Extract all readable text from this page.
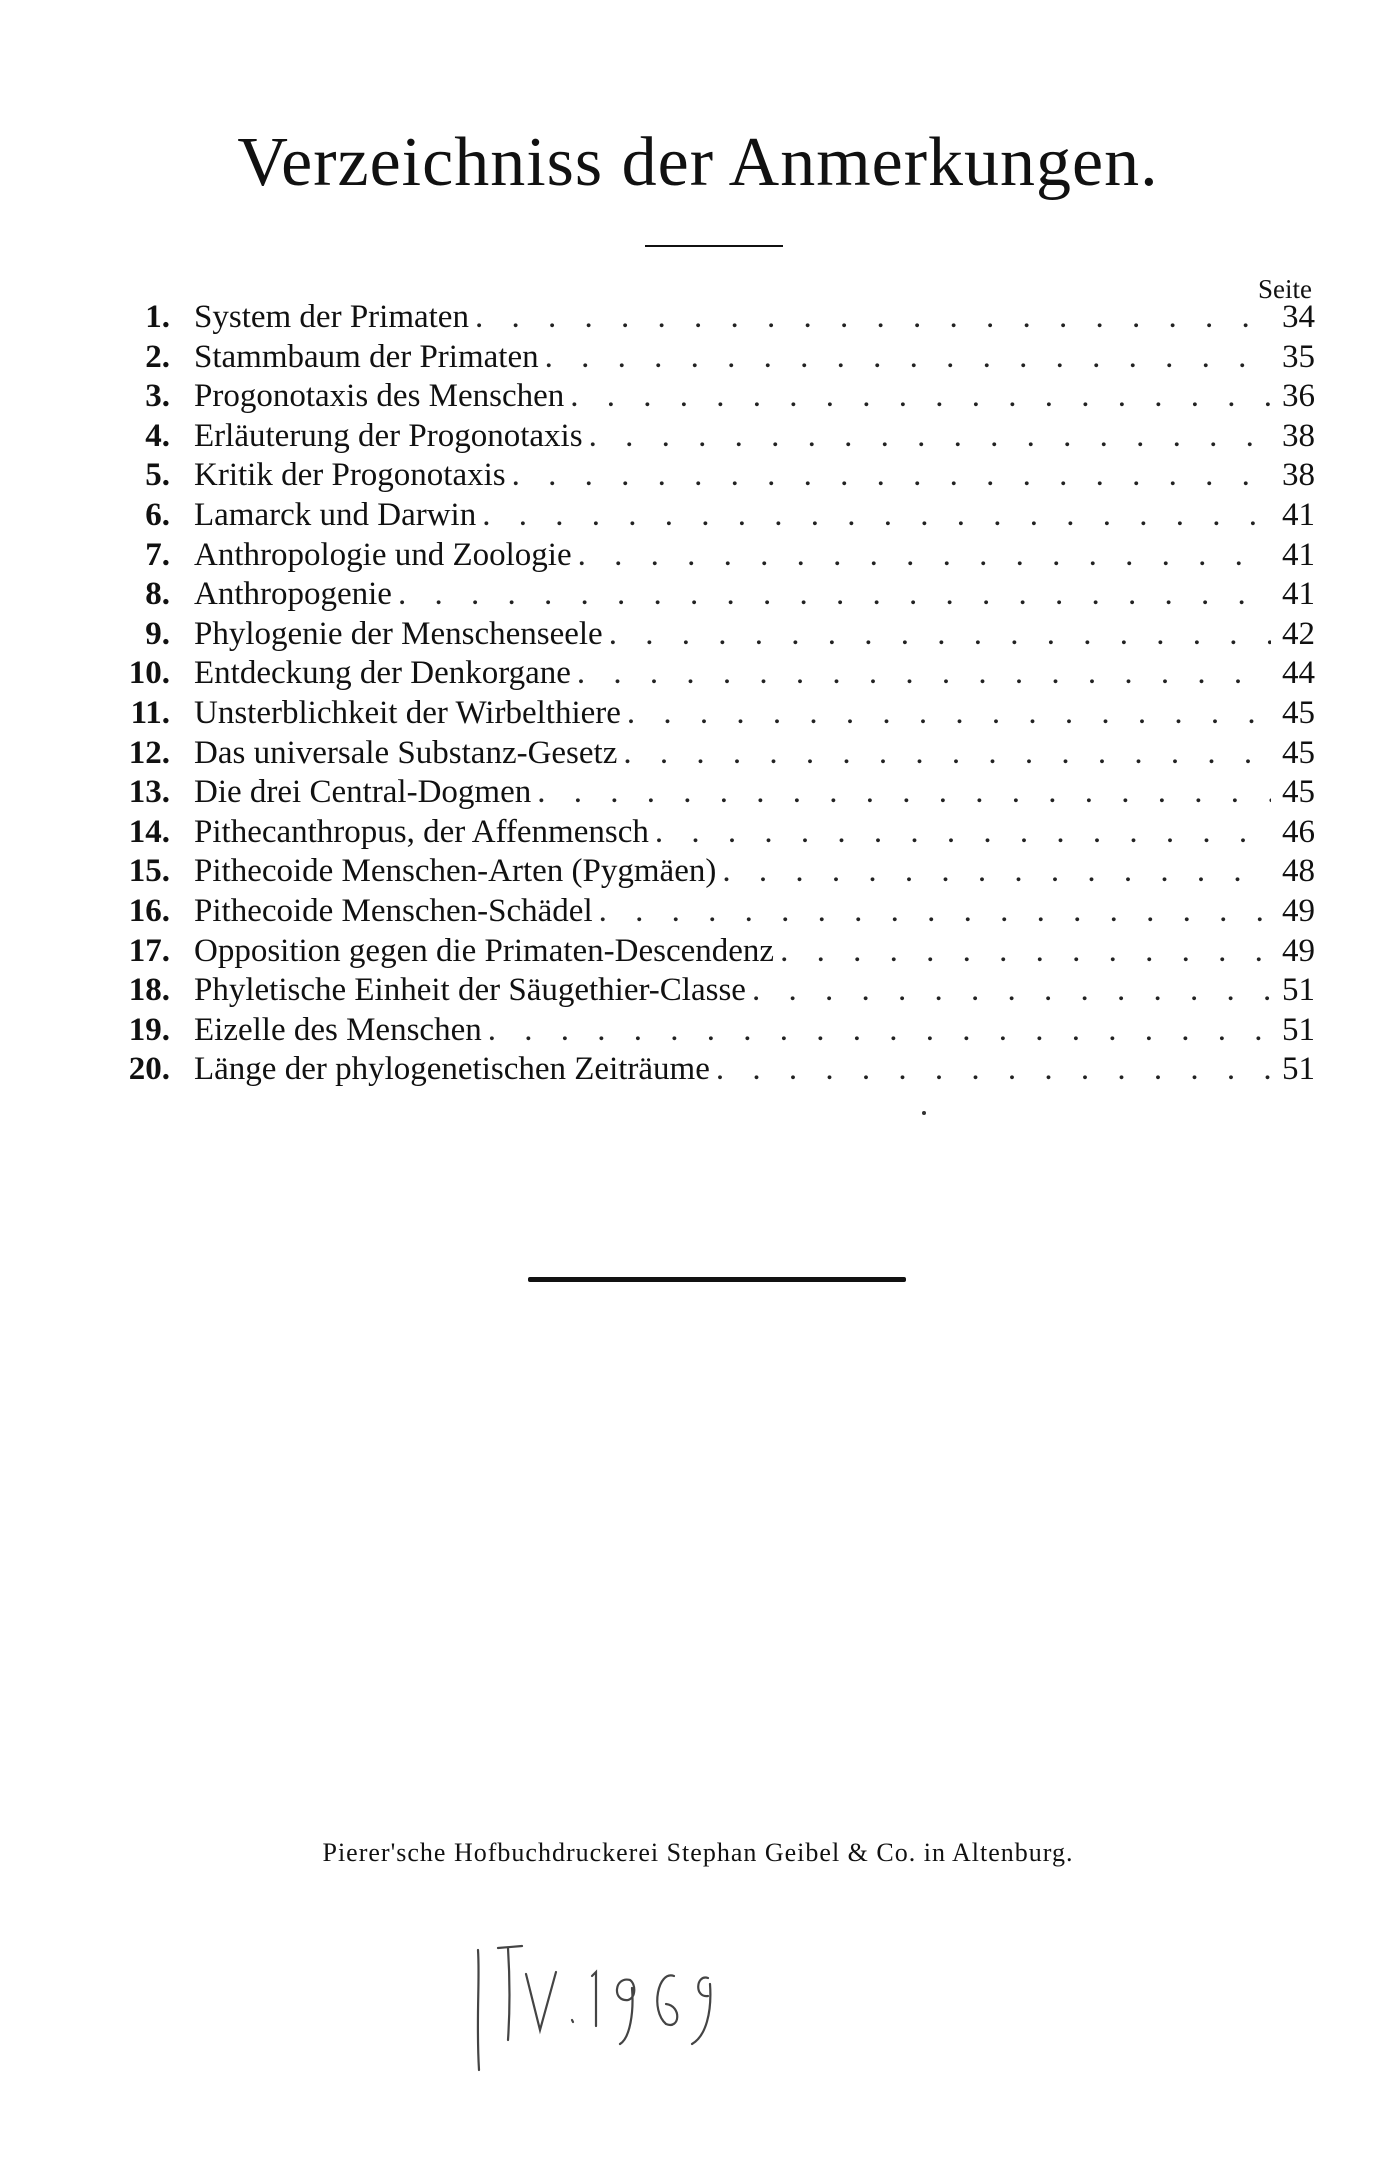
Verzeichniss der Anmerkungen.
Seite
1. System der Primaten . . .	34
2. Stammbaum der Primaten . . .	35
3. Progonotaxis des Menschen . . .	36
4. Erläuterung der Progonotaxis . . .	38
5. Kritik der Progonotaxis . . .	38
6. Lamarck und Darwin . . .	41
7. Anthropologie und Zoologie . . .	41
8. Anthropogenie . . .	41
9. Phylogenie der Menschenseele . . .	42
10. Entdeckung der Denkorgane . . .	44
11. Unsterblichkeit der Wirbelthiere . . .	45
12. Das universale Substanz-Gesetz . . .	45
13. Die drei Central-Dogmen . . .	45
14. Pithecanthropus, der Affenmensch . . .	46
15. Pithecoide Menschen-Arten (Pygmäen) . . .	48
16. Pithecoide Menschen-Schädel . . .	49
17. Opposition gegen die Primaten-Descendenz . . .	49
18. Phyletische Einheit der Säugethier-Classe . . .	51
19. Eizelle des Menschen . . .	51
20. Länge der phylogenetischen Zeiträume . . .	51
Pierer'sche Hofbuchdruckerei Stephan Geibel & Co. in Altenburg.
